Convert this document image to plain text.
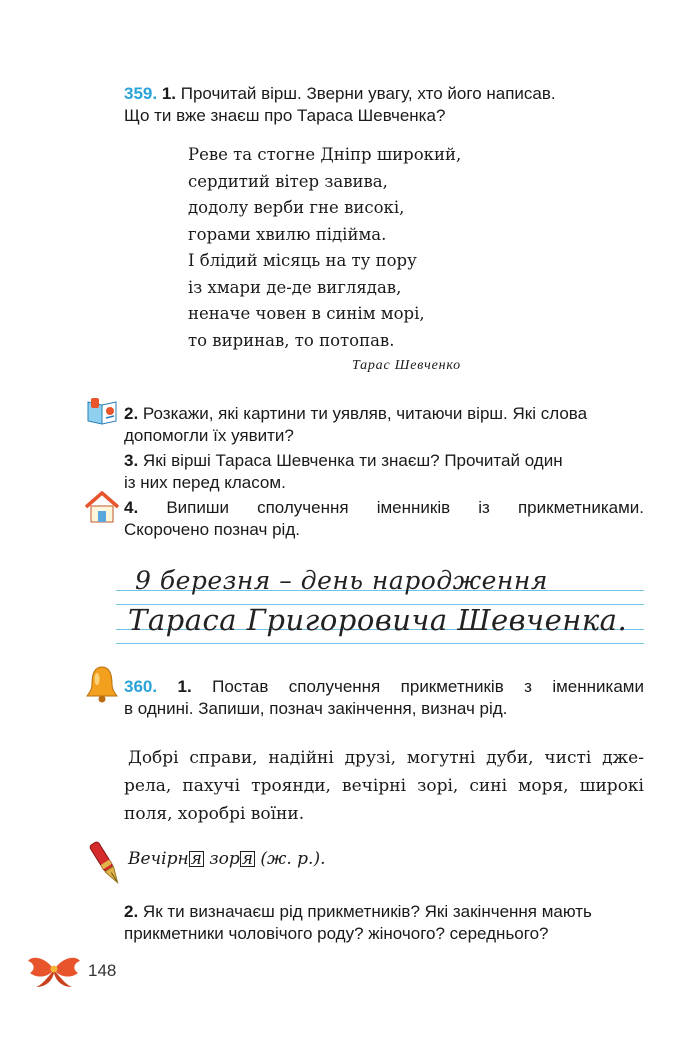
359. 1. Прочитай вірш. Зверни увагу, хто його написав.
Що ти вже знаєш про Тараса Шевченка?
Реве та стогне Дніпр широкий,
сердитий вітер завива,
додолу верби гне високі,
горами хвилю підійма.
І блідий місяць на ту пору
із хмари де-де виглядав,
неначе човен в синім морі,
то виринав, то потопав.
Тарас Шевченко
2. Розкажи, які картини ти уявляв, читаючи вірш. Які слова
допомогли їх уявити?
3. Які вірші Тараса Шевченка ти знаєш? Прочитай один
із них перед класом.
4. Випиши сполучення іменників із прикметниками.
Скорочено познач рід.
9 березня – день народження
Тараса Григоровича Шевченка.
360. 1. Постав сполучення прикметників з іменниками
в однині. Запиши, познач закінчення, визнач рід.
Добрі справи, надійні друзі, могутні дуби, чисті дже-
рела, пахучі троянди, вечірні зорі, сині моря, широкі
поля, хоробрі воїни.
Вечірн я зор я (ж. р.).
2. Як ти визначаєш рід прикметників? Які закінчення мають
прикметники чоловічого роду? жіночого? середнього?
148
